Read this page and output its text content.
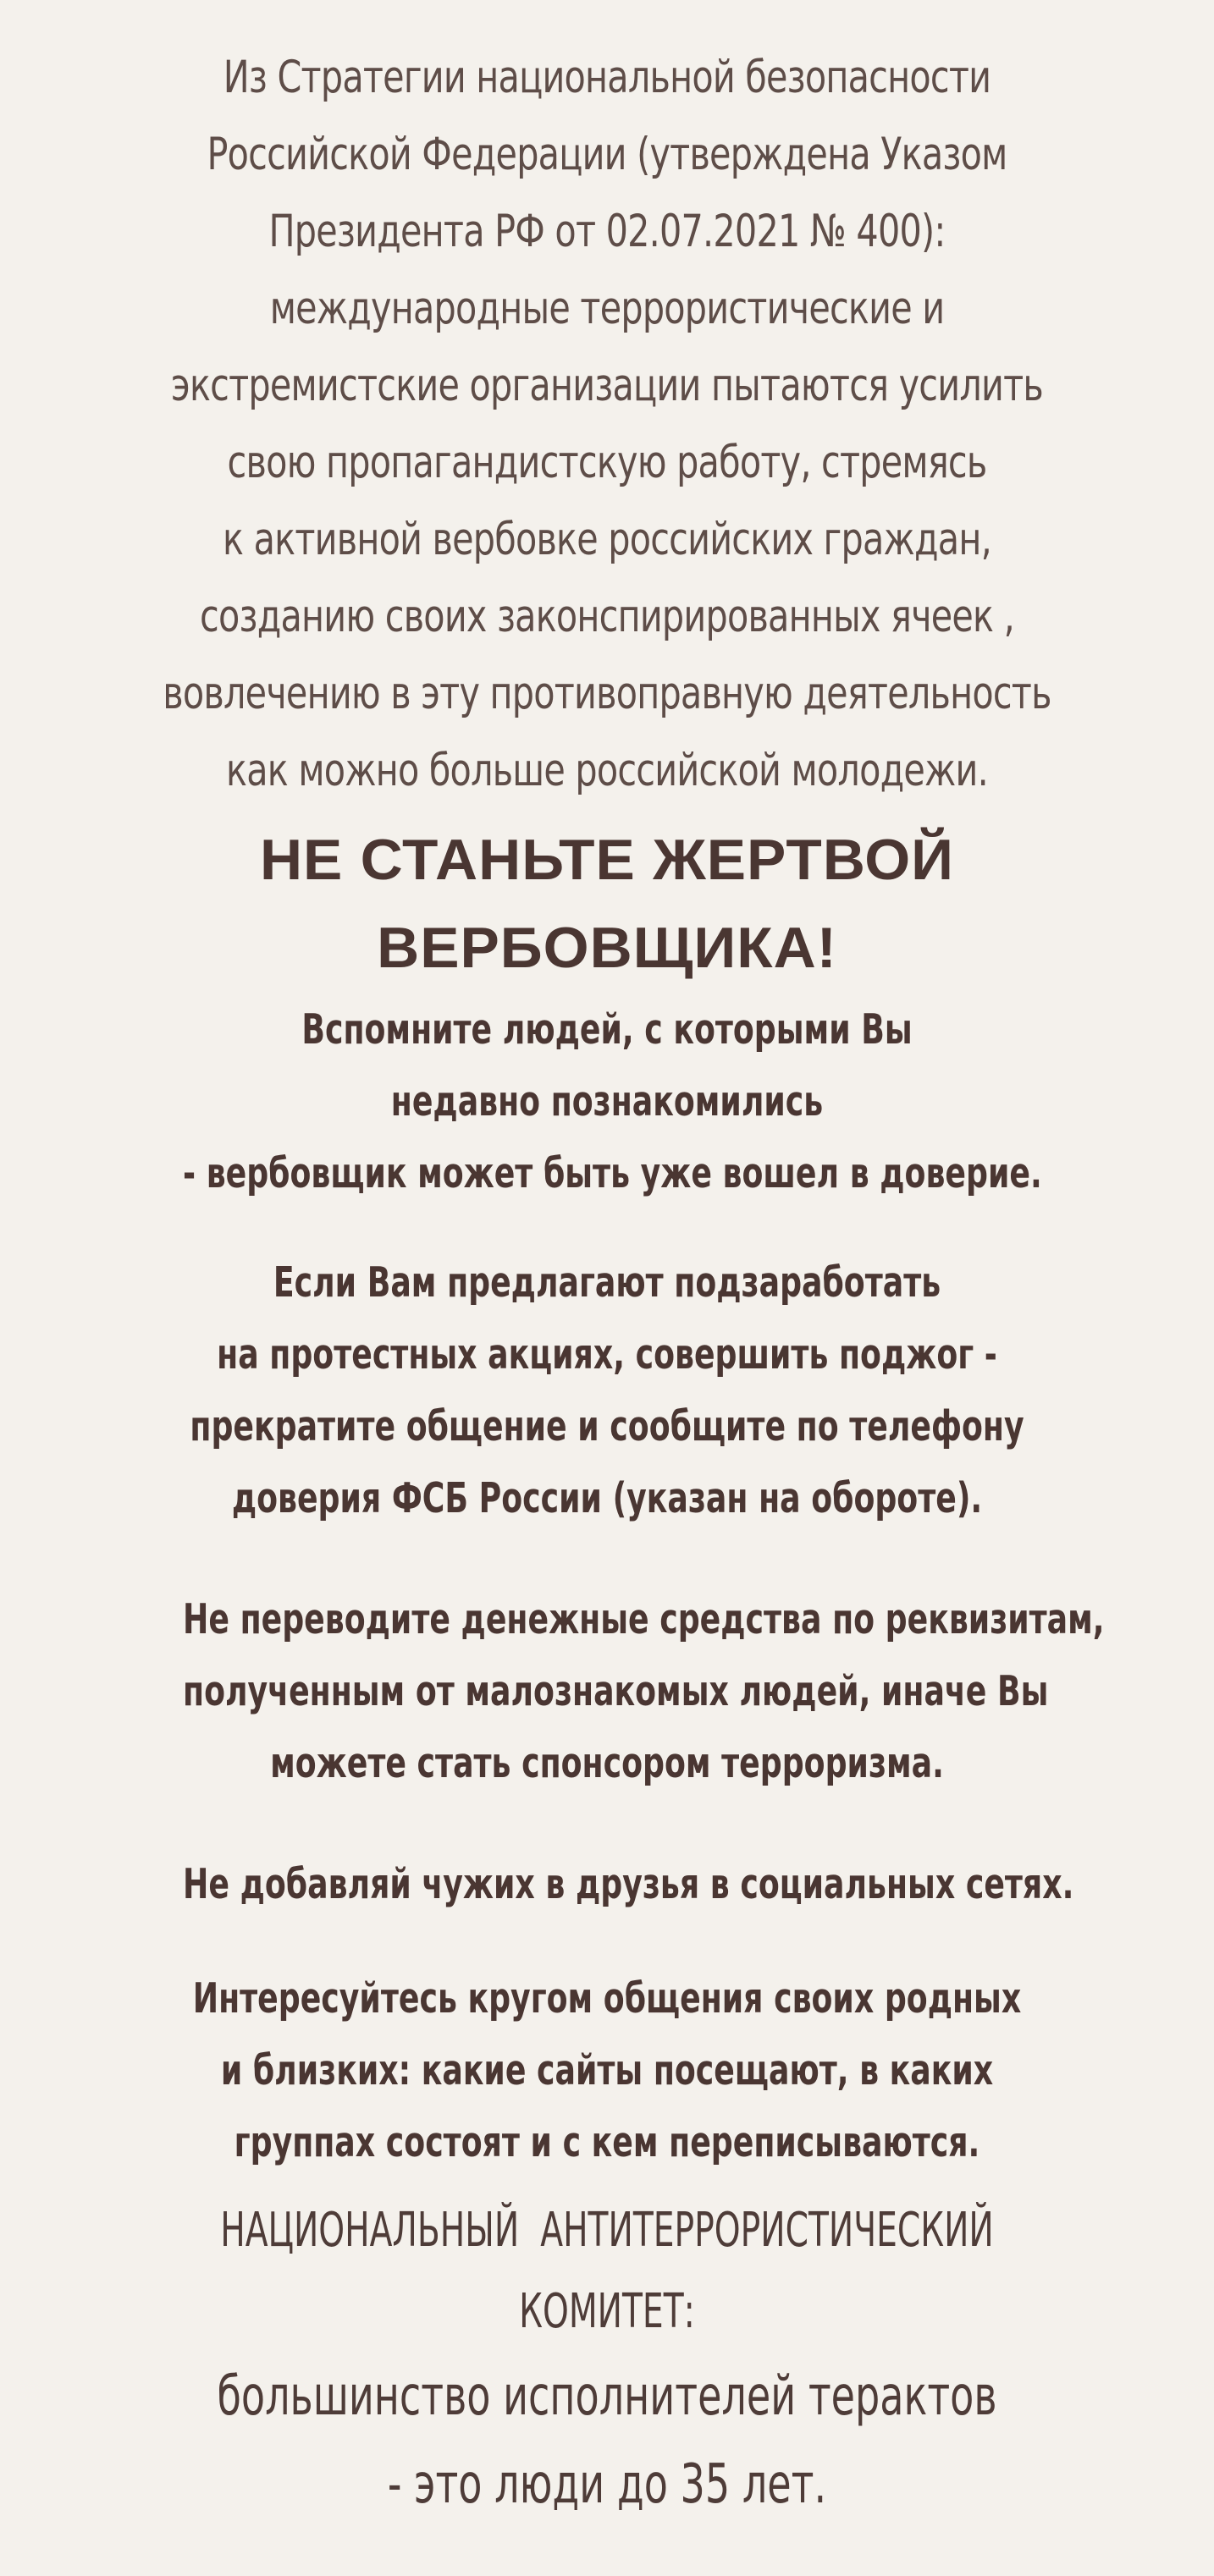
Из Стратегии национальной безопасности
Российской Федерации (утверждена Указом
Президента РФ от 02.07.2021 № 400):
международные террористические и
экстремистские организации пытаются усилить
свою пропагандистскую работу, стремясь
к активной вербовке российских граждан,
созданию своих законспирированных ячеек ,
вовлечению в эту противоправную деятельность
как можно больше российской молодежи.
НЕ СТАНЬТЕ ЖЕРТВОЙ
ВЕРБОВЩИКА!
Вспомните людей, с которыми Вы
недавно познакомились
- вербовщик может быть уже вошел в доверие.
Если Вам предлагают подзаработать
на протестных акциях, совершить поджог -
прекратите общение и сообщите по телефону
доверия ФСБ России (указан на обороте).
Не переводите денежные средства по реквизитам,
полученным от малознакомых людей, иначе Вы
можете стать спонсором терроризма.
Не добавляй чужих в друзья в социальных сетях.
Интересуйтесь кругом общения своих родных
и близких: какие сайты посещают, в каких
группах состоят и с кем переписываются.
НАЦИОНАЛЬНЫЙ АНТИТЕРРОРИСТИЧЕСКИЙ КОМИТЕТ:
большинство исполнителей терактов
- это люди до 35 лет.
